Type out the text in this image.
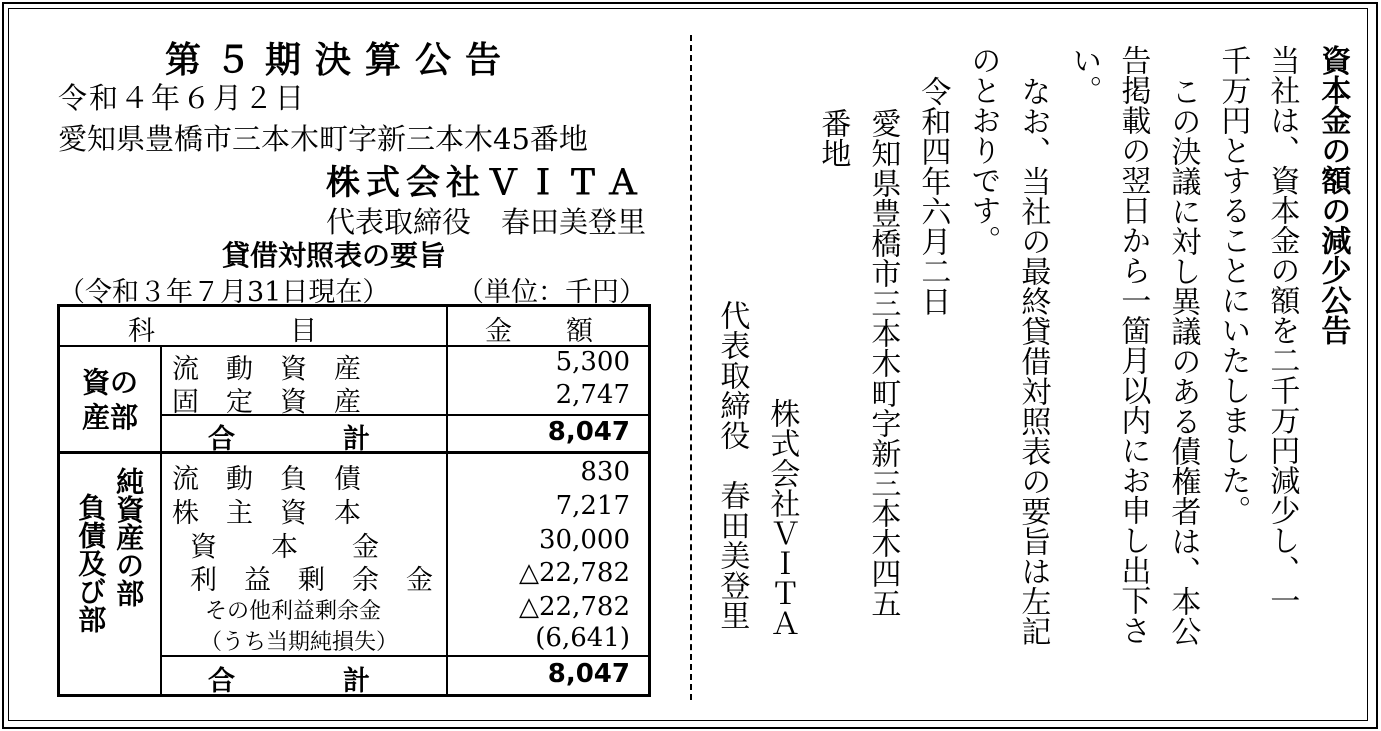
第５期決算公告
令和４年６月２日
愛知県豊橋市三本木町字新三本木45番地
株式会社ＶＩＴＡ
代表取締役 春田美登里
貸借対照表の要旨
（令和３年７月31日現在）	（単位：千円）
科　　　　　目	金　　額
資の産部
流　動　資　産	5,300
固　定　資　産	2,747
合　　　　計	8,047
純資産の部
負債及び部
流　動　負　債	830
株　主　資　本	7,217
資　　本　　金	30,000
利　益　剰　余　金	△22,782
その他利益剰余金	△22,782
（うち当期純損失）	(6,641)
合　　　　計	8,047
資本金の額の減少公告
当社は、資本金の額を二千万円減少し、一
千万円とすることにいたしました。
この決議に対し異議のある債権者は、本公
告掲載の翌日から一箇月以内にお申し出下さ
い。
なお、当社の最終貸借対照表の要旨は左記
のとおりです。
令和四年六月二日
愛知県豊橋市三本木町字新三本木四五
番地
株式会社ＶＩＴＡ
代表取締役　春田美登里
